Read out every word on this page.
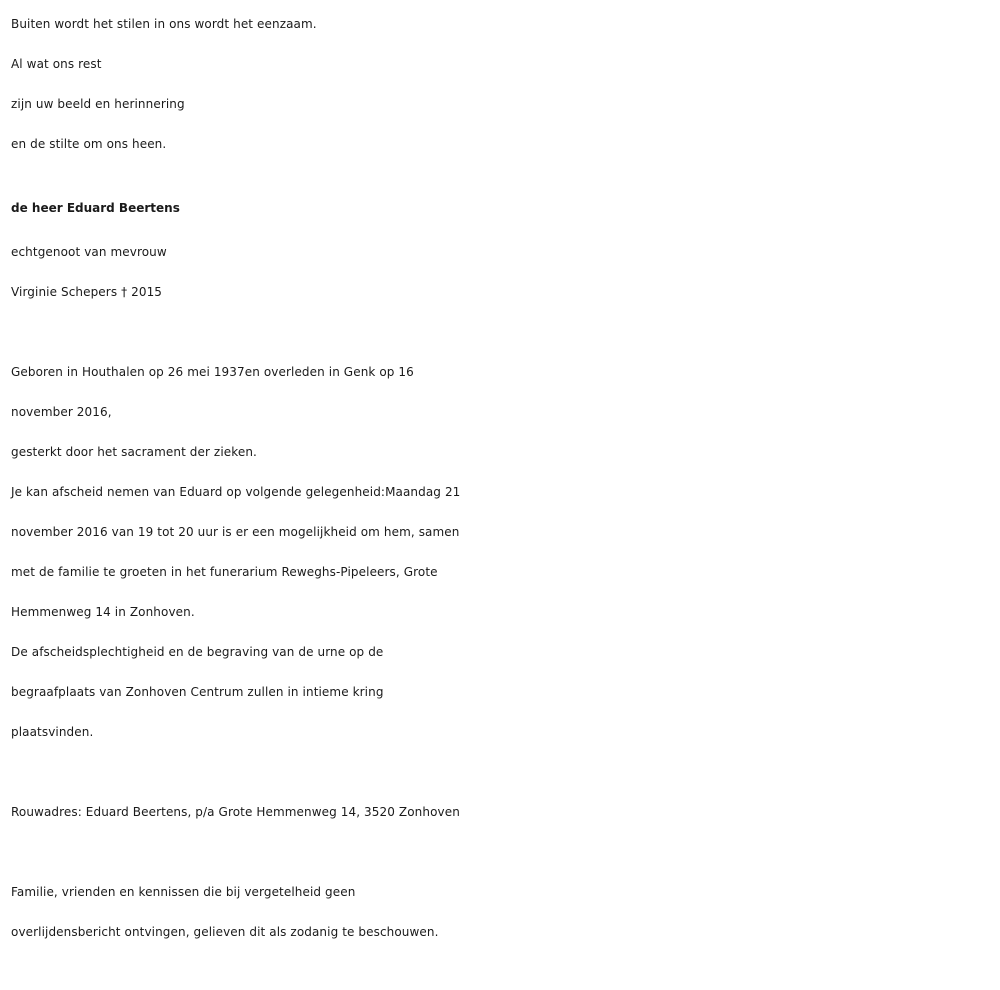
Buiten wordt het stilen in ons wordt het eenzaam.
Al wat ons rest
zijn uw beeld en herinnering
en de stilte om ons heen.
de heer Eduard Beertens
echtgenoot van mevrouw
Virginie Schepers † 2015
Geboren in Houthalen op 26 mei 1937en overleden in Genk op 16
november 2016,
gesterkt door het sacrament der zieken.
Je kan afscheid nemen van Eduard op volgende gelegenheid:Maandag 21
november 2016 van 19 tot 20 uur is er een mogelijkheid om hem, samen
met de familie te groeten in het funerarium Reweghs-Pipeleers, Grote
Hemmenweg 14 in Zonhoven.
De afscheidsplechtigheid en de begraving van de urne op de
begraafplaats van Zonhoven Centrum zullen in intieme kring
plaatsvinden.
Rouwadres: Eduard Beertens, p/a Grote Hemmenweg 14, 3520 Zonhoven
Familie, vrienden en kennissen die bij vergetelheid geen
overlijdensbericht ontvingen, gelieven dit als zodanig te beschouwen.
